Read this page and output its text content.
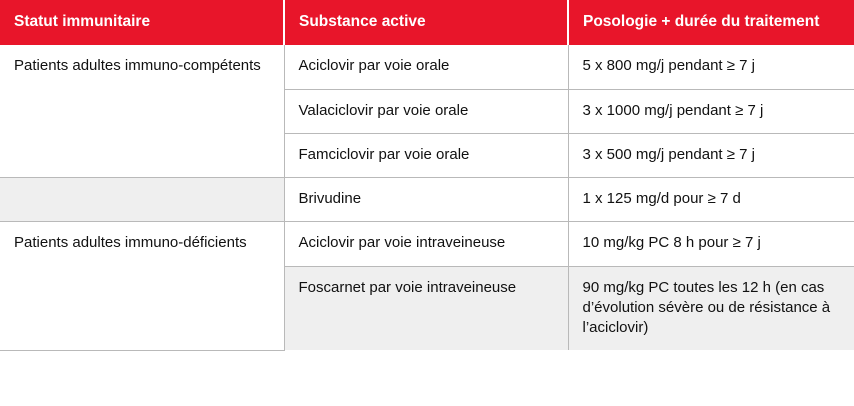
Statut immunitaire	Substance active	Posologie + durée du traitement
Patients adultes immuno-compétents	Aciclovir par voie orale	5 x 800 mg/j pendant ≥ 7 j
	Valaciclovir par voie orale	3 x 1000 mg/j pendant ≥ 7 j
	Famciclovir par voie orale	3 x 500 mg/j pendant ≥ 7 j
	Brivudine	1 x 125 mg/d pour ≥ 7 d
Patients adultes immuno-déficients	Aciclovir par voie intraveineuse	10 mg/kg PC 8 h pour ≥ 7 j
	Foscarnet par voie intraveineuse	90 mg/kg PC toutes les 12 h (en cas d’évolution sévère ou de résistance à l’aciclovir)
